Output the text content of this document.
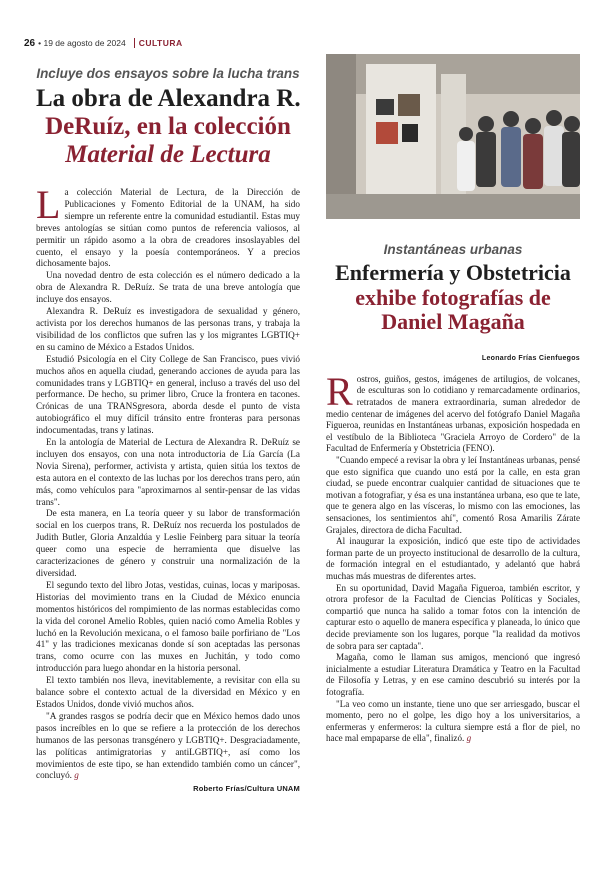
26 • 19 de agosto de 2024 CULTURA
Incluye dos ensayos sobre la lucha trans
La obra de Alexandra R.
DeRuíz, en la colección
Material de Lectura

La colección Material de Lectura, de la Dirección de Publicaciones y Fomento Editorial de la UNAM, ha sido siempre un referente entre la comunidad estudiantil. Estas muy breves antologías se sitúan como puntos de referencia valiosos, al permitir un rápido asomo a la obra de creadores insoslayables del cuento, el ensayo y la poesía contemporáneos. Y a precios dichosamente bajos.

Una novedad dentro de esta colección es el número dedicado a la obra de Alexandra R. DeRuíz. Se trata de una breve antología que incluye dos ensayos.

Alexandra R. DeRuíz es investigadora de sexualidad y género, activista por los derechos humanos de las personas trans, y trabaja la visibilidad de los conflictos que sufren las y los migrantes LGBTIQ+ en su camino de México a Estados Unidos.

Estudió Psicología en el City College de San Francisco, pues vivió muchos años en aquella ciudad, generando acciones de ayuda para las comunidades trans y LGBTIQ+ en general, incluso a través del uso del performance. De hecho, su primer libro, Cruce la frontera en tacones. Crónicas de una TRANSgresora, aborda desde el punto de vista autobiográfico el muy difícil tránsito entre fronteras para personas indocumentadas, trans y latinas.

En la antología de Material de Lectura de Alexandra R. DeRuíz se incluyen dos ensayos, con una nota introductoria de Lía García (La Novia Sirena), performer, activista y artista, quien sitúa los textos de esta autora en el contexto de las luchas por los derechos trans pero, aún más, como vehículos para "aproximarnos al sentir-pensar de las vidas trans".

De esta manera, en La teoría queer y su labor de transformación social en los cuerpos trans, R. DeRuíz nos recuerda los postulados de Judith Butler, Gloria Anzaldúa y Leslie Feinberg para situar la teoría queer como una especie de herramienta que disuelve las caracterizaciones de género y construir una normalización de la diversidad.

El segundo texto del libro Jotas, vestidas, cuinas, locas y mariposas. Historias del movimiento trans en la Ciudad de México enuncia momentos históricos del rompimiento de las normas establecidas como la vida del coronel Amelio Robles, quien nació como Amelia Robles y luchó en la Revolución mexicana, o el famoso baile porfiriano de "Los 41" y las tradiciones mexicanas donde sí son aceptadas las personas trans, como ocurre con las muxes en Juchitán, y todo como introducción para luego ahondar en la historia personal.

El texto también nos lleva, inevitablemente, a revisitar con ella su balance sobre el contexto actual de la diversidad en México y en Estados Unidos, donde vivió muchos años.

"A grandes rasgos se podría decir que en México hemos dado unos pasos increíbles en lo que se refiere a la protección de los derechos humanos de las personas transgénero y LGBTIQ+. Desgraciadamente, las políticas antimigratorias y antiLGBTIQ+, así como los movimientos de este tipo, se han extendido también como un cáncer", concluyó. g

Roberto Frías/Cultura UNAM
Instantáneas urbanas
Enfermería y Obstetricia
exhibe fotografías de
Daniel Magaña
Leonardo Frías Cienfuegos

Rostros, guiños, gestos, imágenes de artilugios, de volcanes, de esculturas son lo cotidiano y remarcadamente ordinarios, retratados de manera extraordinaria, suman alrededor de medio centenar de imágenes del acervo del fotógrafo Daniel Magaña Figueroa, reunidas en Instantáneas urbanas, exposición hospedada en el vestíbulo de la Biblioteca "Graciela Arroyo de Cordero" de la Facultad de Enfermería y Obstetricia (FENO).

"Cuando empecé a revisar la obra y leí Instantáneas urbanas, pensé que esto significa que cuando uno está por la calle, en esta gran ciudad, se puede encontrar cualquier cantidad de situaciones que te motivan a fotografiar, y ésa es una instantánea urbana, eso que te late, que te genera algo en las vísceras, lo mismo con las emociones, las sensaciones, los sentimientos ahí", comentó Rosa Amarilis Zárate Grajales, directora de dicha Facultad.

Al inaugurar la exposición, indicó que este tipo de actividades forman parte de un proyecto institucional de desarrollo de la cultura, de formación integral en el estudiantado, y adelantó que habrá muchas más muestras de diferentes artes.

En su oportunidad, David Magaña Figueroa, también escritor, y otrora profesor de la Facultad de Ciencias Políticas y Sociales, compartió que nunca ha salido a tomar fotos con la intención de capturar esto o aquello de manera específica y planeada, lo único que decide previamente son los lugares, porque "la realidad da motivos de sobra para ser captada".

Magaña, como le llaman sus amigos, mencionó que ingresó inicialmente a estudiar Literatura Dramática y Teatro en la Facultad de Filosofía y Letras, y en ese camino descubrió su interés por la fotografía.

"La veo como un instante, tiene uno que ser arriesgado, buscar el momento, pero no el golpe, les digo hoy a los universitarios, a enfermeras y enfermeros: la cultura siempre está a flor de piel, no hace mal empaparse de ella", finalizó. g
